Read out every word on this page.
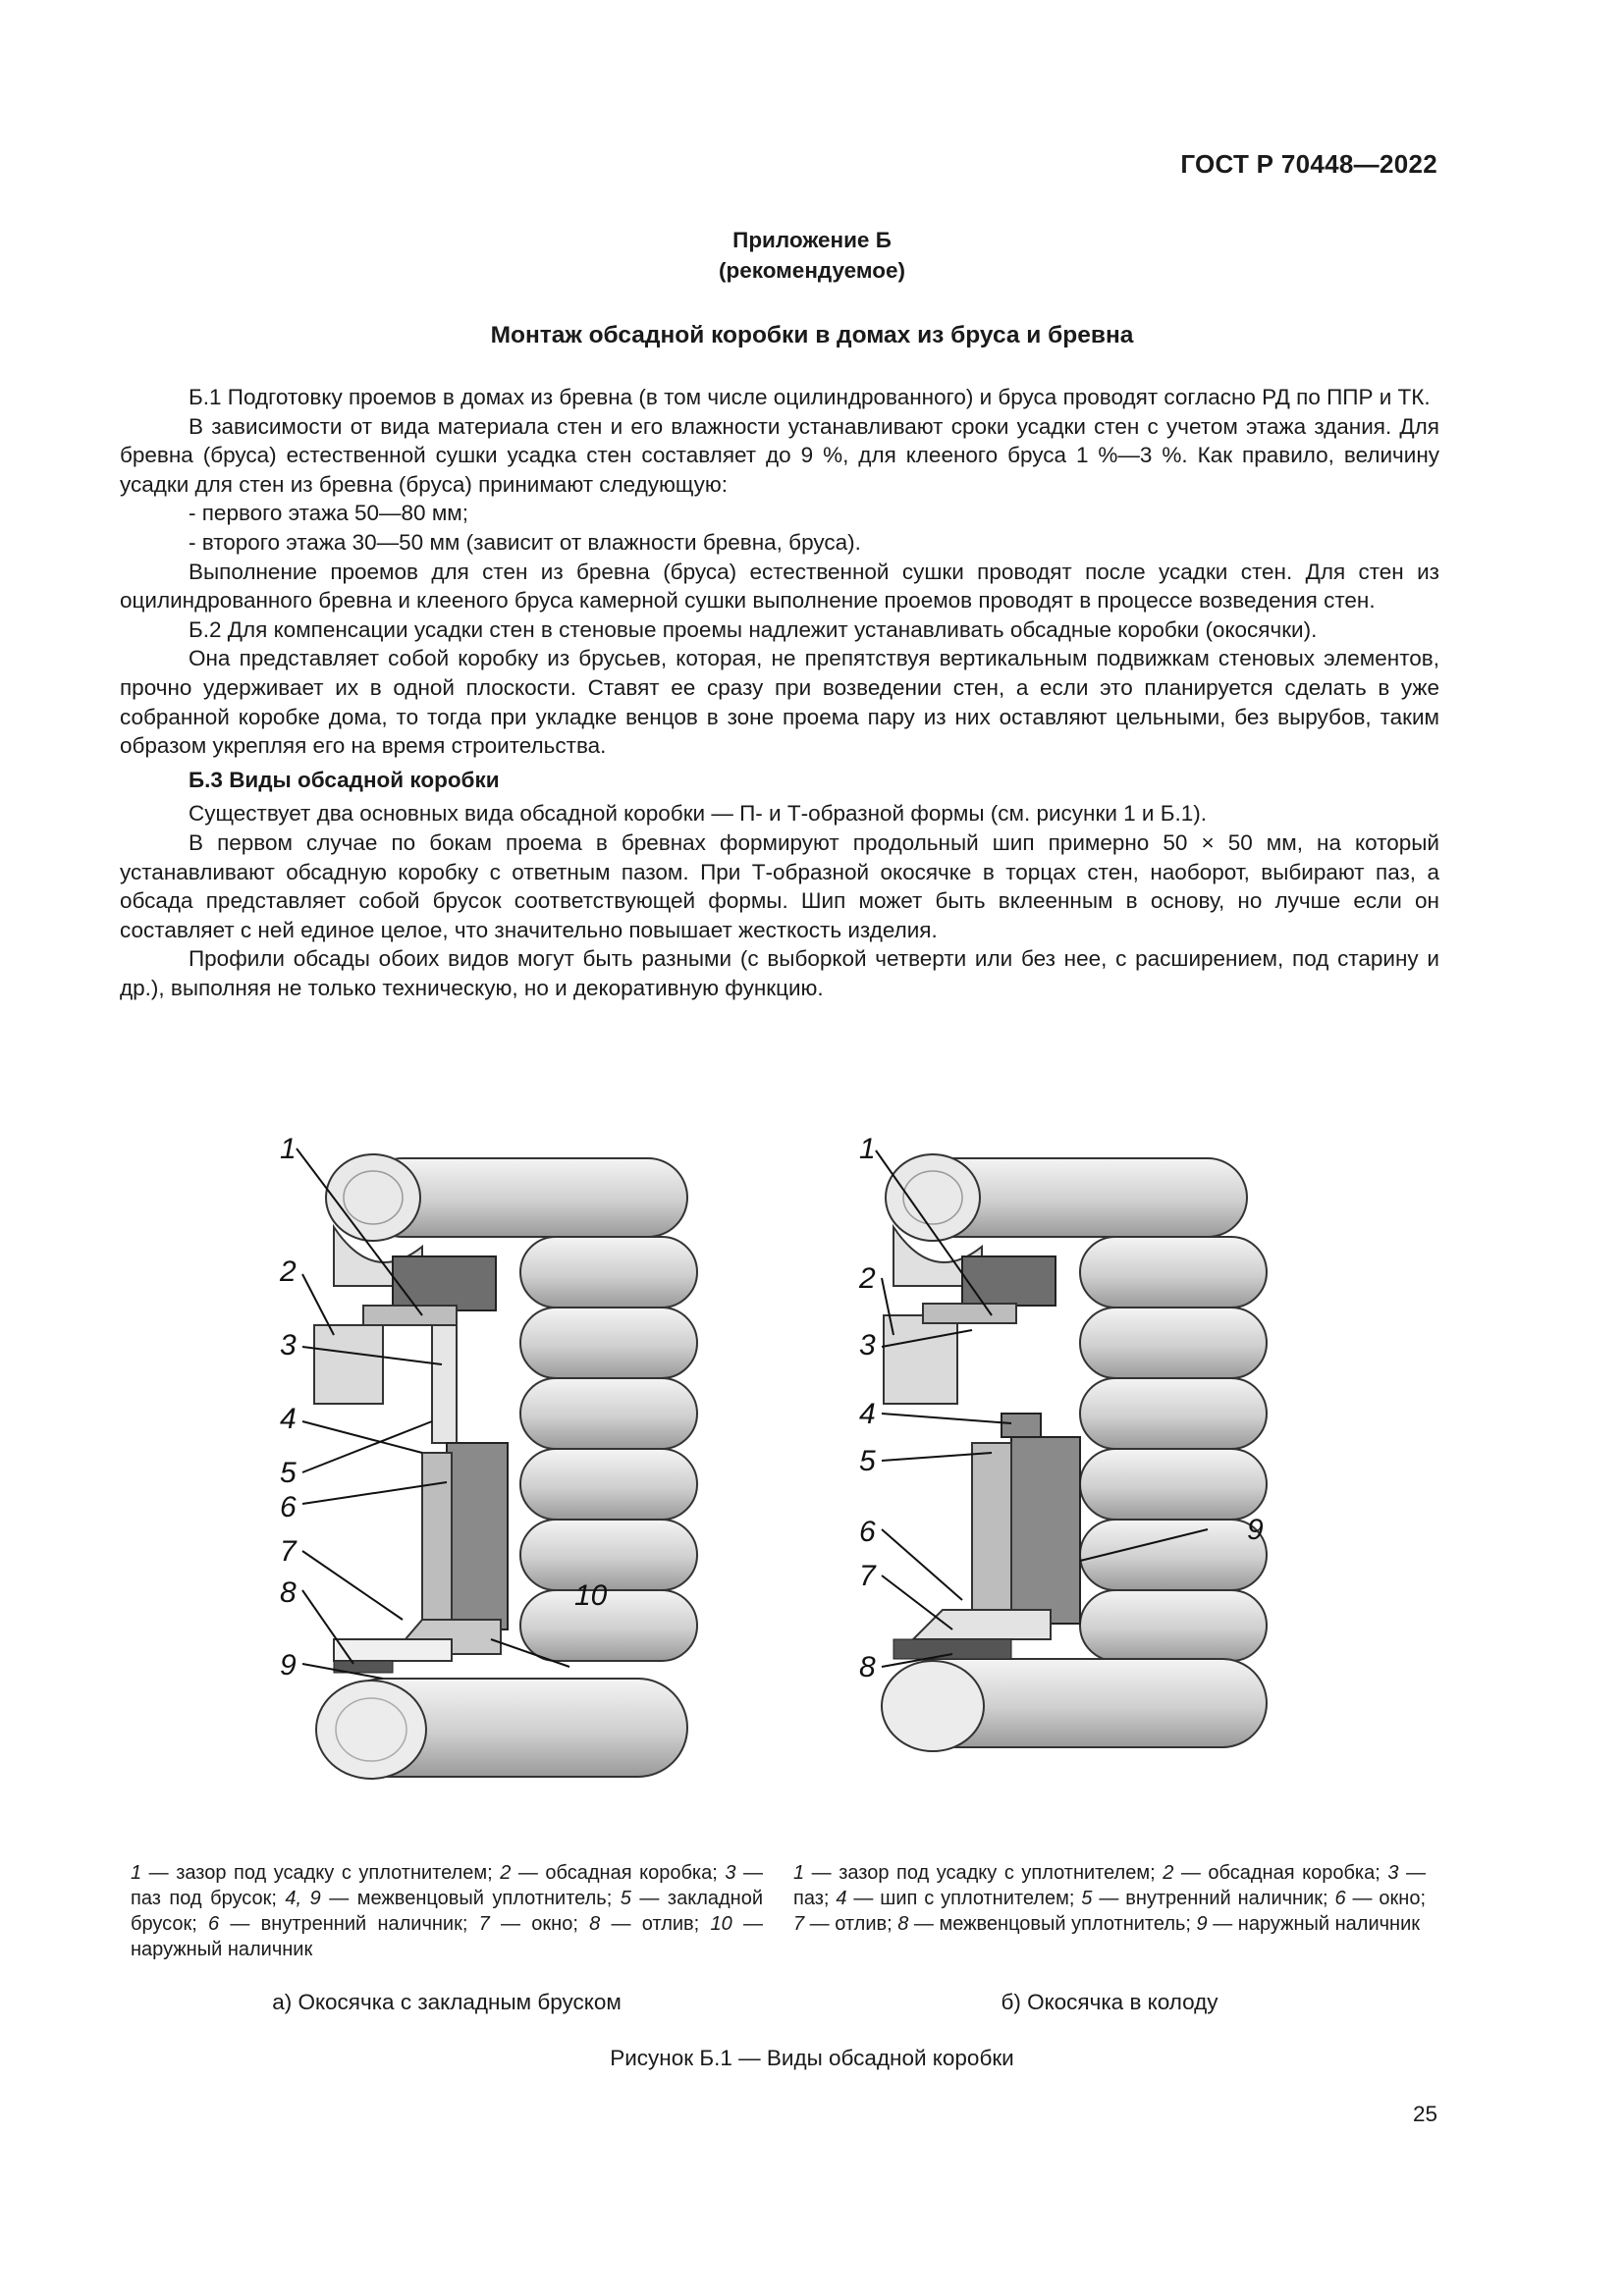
ГОСТ Р 70448—2022
Приложение Б
(рекомендуемое)
Монтаж обсадной коробки в домах из бруса и бревна

Б.1 Подготовку проемов в домах из бревна (в том числе оцилиндрованного) и бруса проводят согласно РД по ППР и ТК.

В зависимости от вида материала стен и его влажности устанавливают сроки усадки стен с учетом этажа здания. Для бревна (бруса) естественной сушки усадка стен составляет до 9 %, для клееного бруса 1 %—3 %. Как правило, величину усадки для стен из бревна (бруса) принимают следующую:

- первого этажа 50—80 мм;

- второго этажа 30—50 мм (зависит от влажности бревна, бруса).

Выполнение проемов для стен из бревна (бруса) естественной сушки проводят после усадки стен. Для стен из оцилиндрованного бревна и клееного бруса камерной сушки выполнение проемов проводят в процессе возведения стен.

Б.2 Для компенсации усадки стен в стеновые проемы надлежит устанавливать обсадные коробки (окосячки).

Она представляет собой коробку из брусьев, которая, не препятствуя вертикальным подвижкам стеновых элементов, прочно удерживает их в одной плоскости. Ставят ее сразу при возведении стен, а если это планируется сделать в уже собранной коробке дома, то тогда при укладке венцов в зоне проема пару из них оставляют цельными, без вырубов, таким образом укрепляя его на время строительства.

Б.3 Виды обсадной коробки

Существует два основных вида обсадной коробки — П- и Т-образной формы (см. рисунки 1 и Б.1).

В первом случае по бокам проема в бревнах формируют продольный шип примерно 50 × 50 мм, на который устанавливают обсадную коробку с ответным пазом. При Т-образной окосячке в торцах стен, наоборот, выбирают паз, а обсада представляет собой брусок соответствующей формы. Шип может быть вклеенным в основу, но лучше если он составляет с ней единое целое, что значительно повышает жесткость изделия.

Профили обсады обоих видов могут быть разными (с выборкой четверти или без нее, с расширением, под старину и др.), выполняя не только техническую, но и декоративную функцию.

1
2
3
4
5
6
7
8
9
10
1
2
3
4
5
6
7
8
9
1 — зазор под усадку с уплотнителем; 2 — обсадная коробка; 3 — паз под брусок; 4, 9 — межвенцовый уплотнитель; 5 — закладной брусок; 6 — внутренний наличник; 7 — окно; 8 — отлив; 10 — наружный наличник
1 — зазор под усадку с уплотнителем; 2 — обсадная коробка; 3 — паз; 4 — шип с уплотнителем; 5 — внутренний наличник; 6 — окно; 7 — отлив; 8 — межвенцовый уплотнитель; 9 — наружный наличник
а) Окосячка с закладным бруском	б) Окосячка в колоду
Рисунок Б.1 — Виды обсадной коробки
25
